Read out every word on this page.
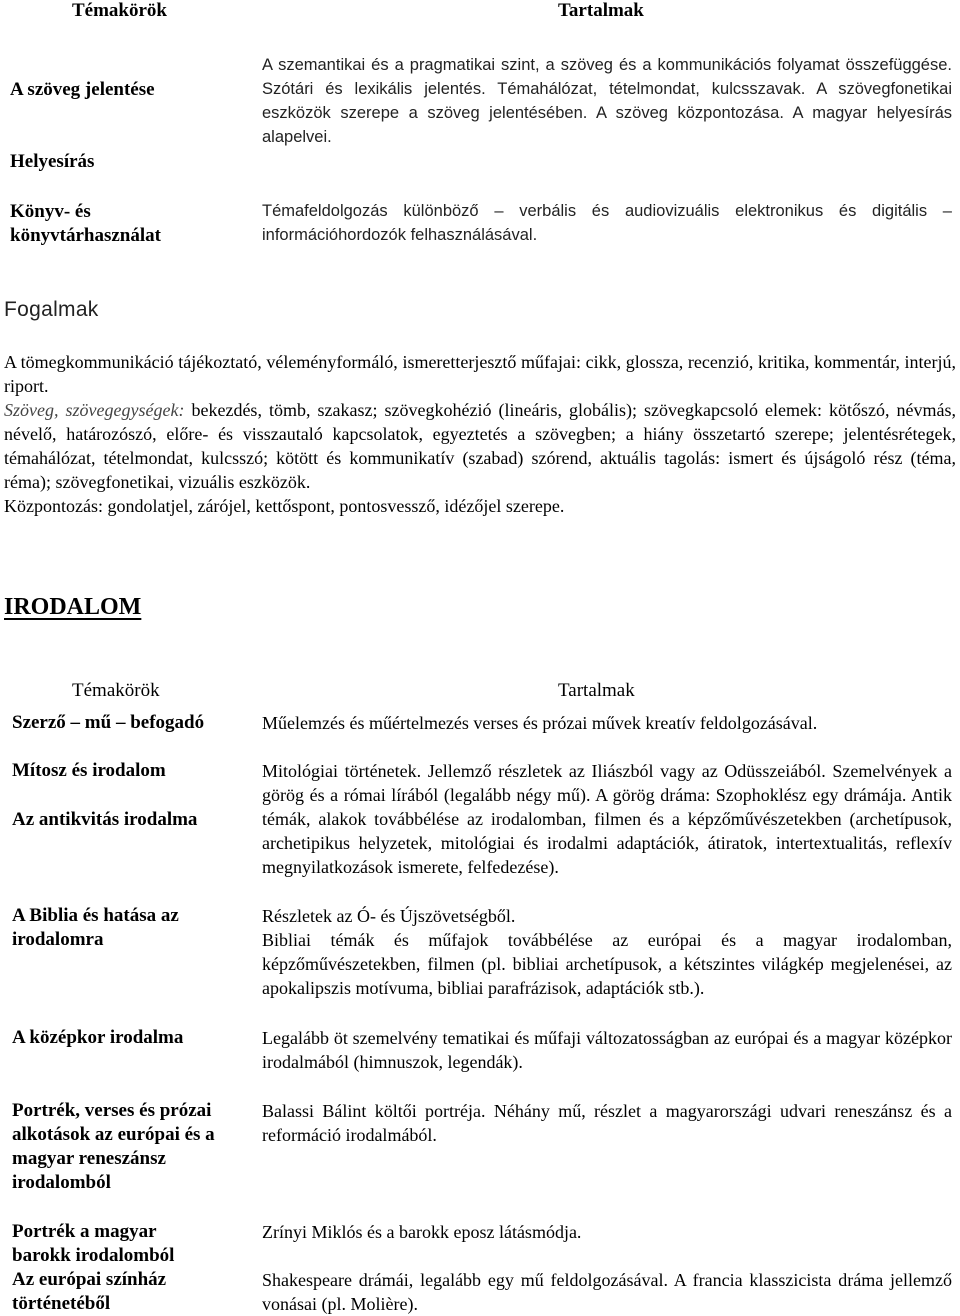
Témakörök	Tartalmak
A szöveg jelentése
Helyesírás
Könyv- és
könyvtárhasználat

A szemantikai és a pragmatikai szint, a szöveg és a kommunikációs folyamat összefüggése. Szótári és lexikális jelentés. Témahálózat, tételmondat, kulcsszavak. A szövegfonetikai eszközök szerepe a szöveg jelentésében. A szöveg központozása. A magyar helyesírás alapelvei.

Témafeldolgozás különböző – verbális és audiovizuális elektronikus és digitális – információhordozók felhasználásával.

Fogalmak

A tömegkommunikáció tájékoztató, véleményformáló, ismeretterjesztő műfajai: cikk, glossza, recenzió, kritika, kommentár, interjú, riport.

Szöveg, szövegegységek: bekezdés, tömb, szakasz; szövegkohézió (lineáris, globális); szövegkapcsoló elemek: kötőszó, névmás, névelő, határozószó, előre- és visszautaló kapcsolatok, egyeztetés a szövegben; a hiány összetartó szerepe; jelentésrétegek, témahálózat, tételmondat, kulcsszó; kötött és kommunikatív (szabad) szórend, aktuális tagolás: ismert és újságoló rész (téma, réma); szövegfonetikai, vizuális eszközök.

Központozás: gondolatjel, zárójel, kettőspont, pontosvessző, idézőjel szerepe.

IRODALOM
Témakörök	Tartalmak
Szerző – mű – befogadó
Mítosz és irodalom
Az antikvitás irodalma
A Biblia és hatása az irodalomra
A középkor irodalma
Portrék, verses és prózai alkotások az európai és a magyar reneszánsz irodalomból
Portrék a magyar barokk irodalomból
Az európai színház történetéből

Műelemzés és műértelmezés verses és prózai művek kreatív feldolgozásával.

Mitológiai történetek. Jellemző részletek az Iliászból vagy az Odüsszeiából. Szemelvények a görög és a római lírából (legalább négy mű). A görög dráma: Szophoklész egy drámája. Antik témák, alakok továbbélése az irodalomban, filmen és a képzőművészetekben (archetípusok, archetipikus helyzetek, mitológiai és irodalmi adaptációk, átiratok, intertextualitás, reflexív megnyilatkozások ismerete, felfedezése).

Részletek az Ó- és Újszövetségből.

Bibliai témák és műfajok továbbélése az európai és a magyar irodalomban, képzőművészetekben, filmen (pl. bibliai archetípusok, a kétszintes világkép megjelenései, az apokalipszis motívuma, bibliai parafrázisok, adaptációk stb.).

Legalább öt szemelvény tematikai és műfaji változatosságban az európai és a magyar középkor irodalmából (himnuszok, legendák).

Balassi Bálint költői portréja. Néhány mű, részlet a magyarországi udvari reneszánsz és a reformáció irodalmából.

Zrínyi Miklós és a barokk eposz látásmódja.

Shakespeare drámái, legalább egy mű feldolgozásával. A francia klasszicista dráma jellemző vonásai (pl. Molière).
